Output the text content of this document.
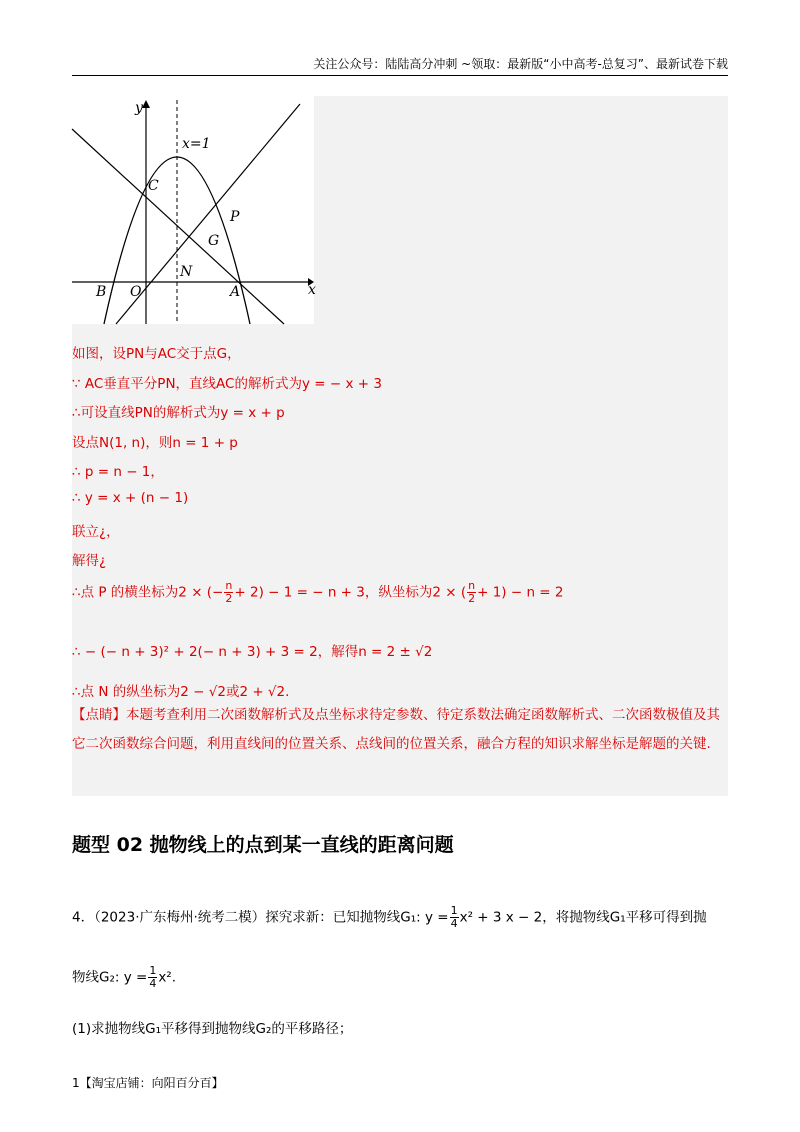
关注公众号：陆陆高分冲刺 ~领取：最新版“小中高考-总复习”、最新试卷下载
y
x
x=1
C
P
G
N
B O	A
如图，设PN与AC交于点G，
∵ AC垂直平分PN，直线AC的解析式为y = − x + 3
∴可设直线PN的解析式为y = x + p
设点N(1, n)，则n = 1 + p
∴ p = n − 1，
∴ y = x + (n − 1)
联立¿，
解得¿
∴点 P 的横坐标为2 × (− $\frac{n}{2} + 2) - 1$ = − n + 3，纵坐标为2 × ( $\frac{n}{2} + 1) - n = 2$
∴ − (− n + 3)² + 2(− n + 3) + 3 = 2，解得n = 2 ± √2
∴点 N 的纵坐标为2 − √2或2 + √2.
【点睛】本题考查利用二次函数解析式及点坐标求待定参数、待定系数法确定函数解析式、二次函数极值及其它二次函数综合问题，利用直线间的位置关系、点线间的位置关系，融合方程的知识求解坐标是解题的关键.
题型 02 抛物线上的点到某一直线的距离问题
4．（2023·广东梅州·统考二模）探究求新：已知抛物线G₁: $y = \frac{1}{4} x^2 + 3$ x − 2，将抛物线G₁平移可得到抛
物线G₂: $y = \frac{1}{4} x^2$.
(1)求抛物线G₁平移得到抛物线G₂的平移路径；
1【淘宝店铺：向阳百分百】
